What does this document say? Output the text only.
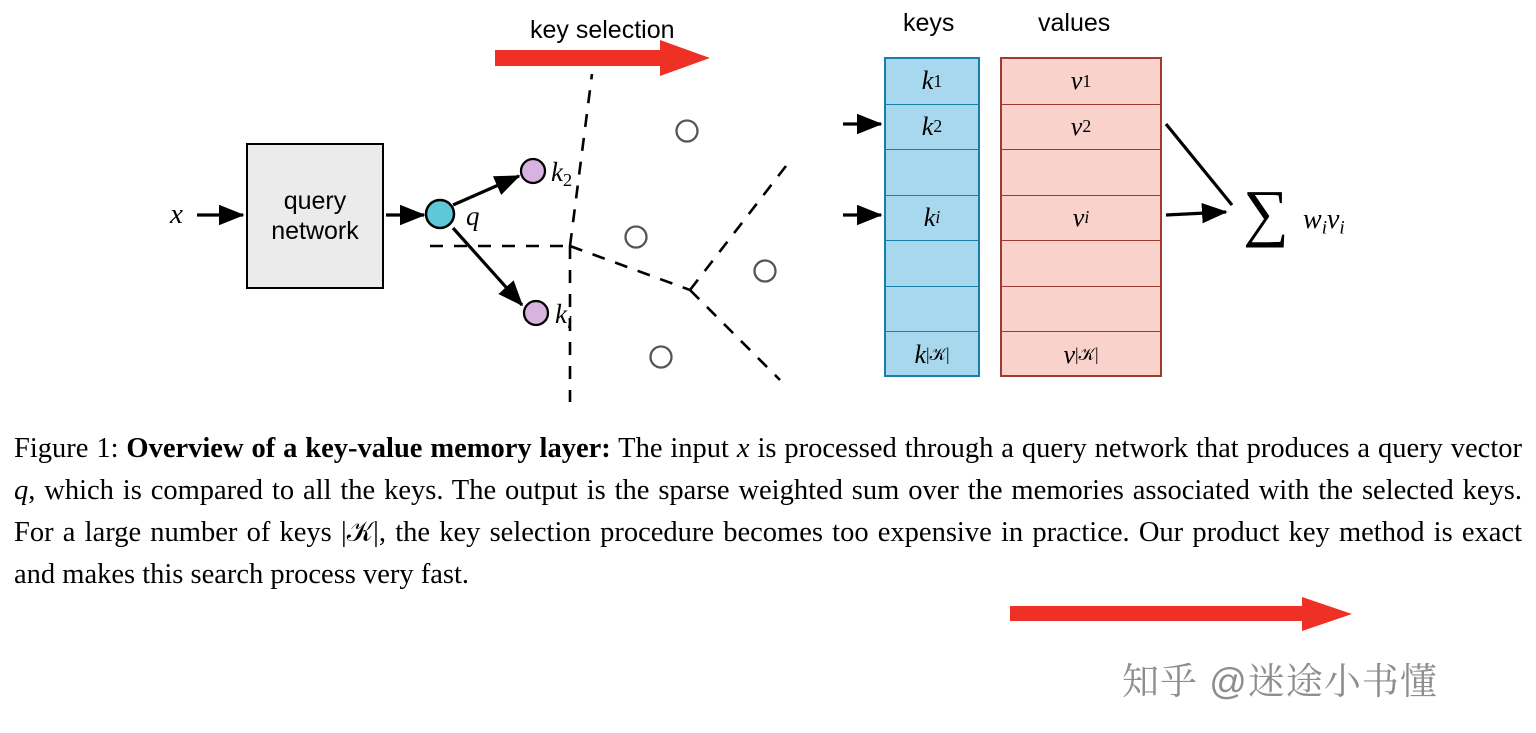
key selection	keys	values
query
network
x	q
$k_2$
ki
k 1
k 2
k i
k |𝒦|
v 1
v 2
v i
v |𝒦|
∑ wivi
Figure 1: Overview of a key-value memory layer: The input x is processed through a query network that produces a query vector q, which is compared to all the keys. The output is the sparse weighted sum over the memories associated with the selected keys. For a large number of keys |𝒦|, the key selection procedure becomes too expensive in practice. Our product key method is exact and makes this search process very fast.
知乎 @迷途小书懂
